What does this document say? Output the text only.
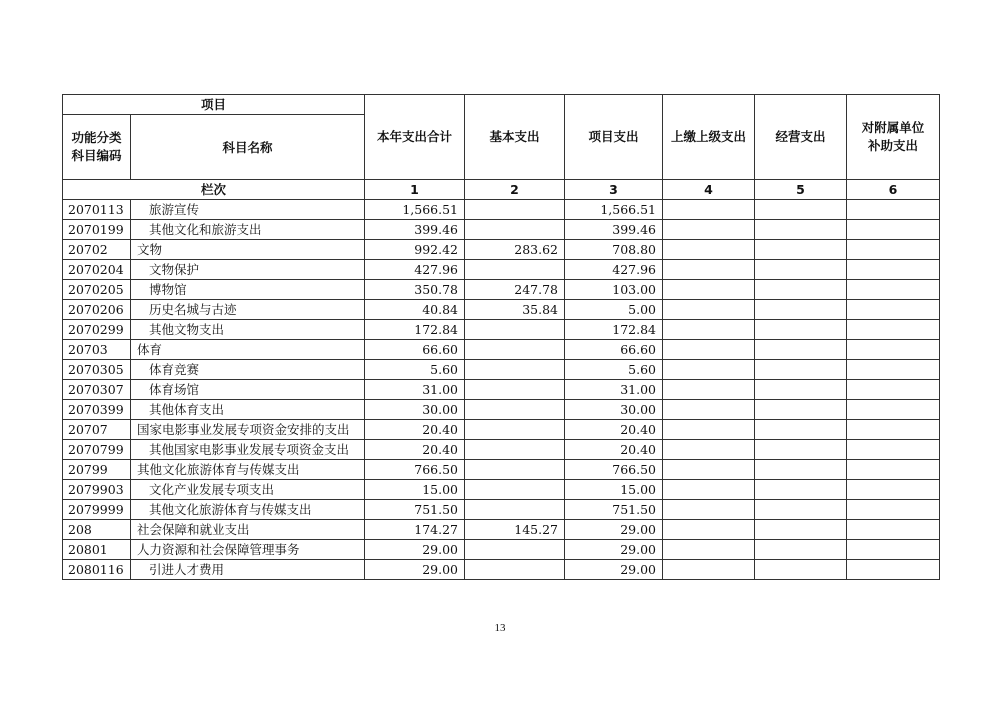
项目		本年支出合计	基本支出	项目支出	上缴上级支出	经营支出	对附属单位补助支出
功能分类
科目编码	科目名称						
栏次		1	2	3	4	5	6
2070113	旅游宣传	1,566.51		1,566.51			
2070199	其他文化和旅游支出	399.46		399.46			
20702	文物	992.42	283.62	708.80			
2070204	文物保护	427.96		427.96			
2070205	博物馆	350.78	247.78	103.00			
2070206	历史名城与古迹	40.84	35.84	5.00			
2070299	其他文物支出	172.84		172.84			
20703	体育	66.60		66.60			
2070305	体育竞赛	5.60		5.60			
2070307	体育场馆	31.00		31.00			
2070399	其他体育支出	30.00		30.00			
20707	国家电影事业发展专项资金安排的支出	20.40		20.40			
2070799	其他国家电影事业发展专项资金支出	20.40		20.40			
20799	其他文化旅游体育与传媒支出	766.50		766.50			
2079903	文化产业发展专项支出	15.00		15.00			
2079999	其他文化旅游体育与传媒支出	751.50		751.50			
208	社会保障和就业支出	174.27	145.27	29.00			
20801	人力资源和社会保障管理事务	29.00		29.00			
2080116	引进人才费用	29.00		29.00			
13
